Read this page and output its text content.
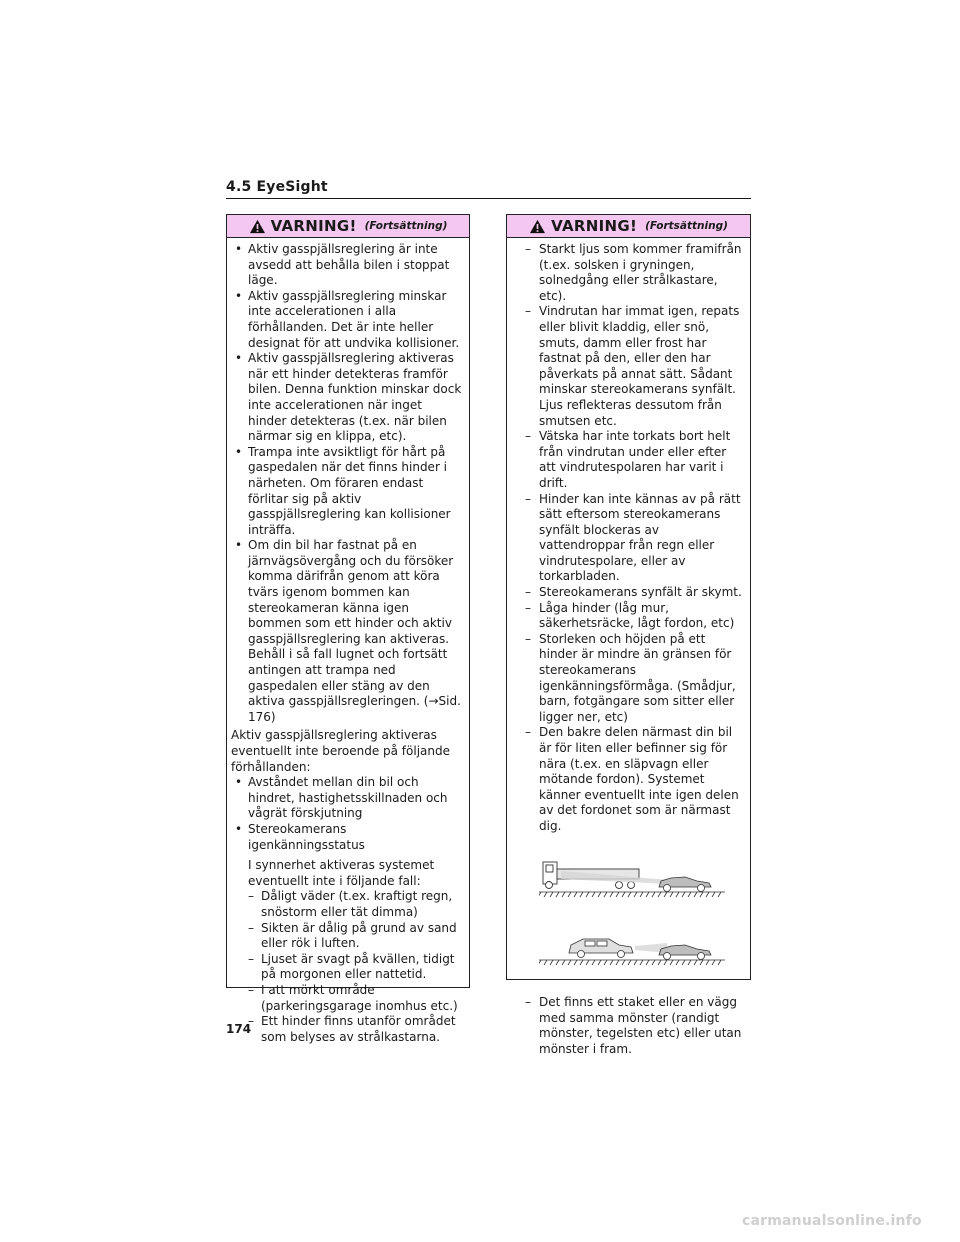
4.5 EyeSight
VARNING! (Fortsättning)
• Aktiv gasspjällsreglering är inte avsedd att behålla bilen i stoppat läge.
• Aktiv gasspjällsreglering minskar inte accelerationen i alla förhållanden. Det är inte heller designat för att undvika kollisioner.
• Aktiv gasspjällsreglering aktiveras när ett hinder detekteras framför bilen. Denna funktion minskar dock inte accelerationen när inget hinder detekteras (t.ex. när bilen närmar sig en klippa, etc).
• Trampa inte avsiktligt för hårt på gaspedalen när det finns hinder i närheten. Om föraren endast förlitar sig på aktiv gasspjällsreglering kan kollisioner inträffa.
• Om din bil har fastnat på en järnvägsövergång och du försöker komma därifrån genom att köra tvärs igenom bommen kan stereokameran känna igen bommen som ett hinder och aktiv gasspjällsreglering kan aktiveras. Behåll i så fall lugnet och fortsätt antingen att trampa ned gaspedalen eller stäng av den aktiva gasspjällsregleringen. (→Sid. 176)
Aktiv gasspjällsreglering aktiveras eventuellt inte beroende på följande förhållanden:
• Avståndet mellan din bil och hindret, hastighetsskillnaden och vågrät förskjutning
• Stereokamerans igenkänningsstatus
I synnerhet aktiveras systemet eventuellt inte i följande fall:
– Dåligt väder (t.ex. kraftigt regn, snöstorm eller tät dimma)
– Sikten är dålig på grund av sand eller rök i luften.
– Ljuset är svagt på kvällen, tidigt på morgonen eller nattetid.
– I att mörkt område (parkeringsgarage inomhus etc.)
– Ett hinder finns utanför området som belyses av strålkastarna.
VARNING! (Fortsättning)
– Starkt ljus som kommer framifrån (t.ex. solsken i gryningen, solnedgång eller strålkastare, etc).
– Vindrutan har immat igen, repats eller blivit kladdig, eller snö, smuts, damm eller frost har fastnat på den, eller den har påverkats på annat sätt. Sådant minskar stereokamerans synfält. Ljus reflekteras dessutom från smutsen etc.
– Vätska har inte torkats bort helt från vindrutan under eller efter att vindrutespolaren har varit i drift.
– Hinder kan inte kännas av på rätt sätt eftersom stereokamerans synfält blockeras av vattendroppar från regn eller vindrutespolare, eller av torkarbladen.
– Stereokamerans synfält är skymt.
– Låga hinder (låg mur, säkerhetsräcke, lågt fordon, etc)
– Storleken och höjden på ett hinder är mindre än gränsen för stereokamerans igenkänningsförmåga. (Smådjur, barn, fotgängare som sitter eller ligger ner, etc)
– Den bakre delen närmast din bil är för liten eller befinner sig för nära (t.ex. en släpvagn eller mötande fordon). Systemet känner eventuellt inte igen delen av det fordonet som är närmast dig.
– Det finns ett staket eller en vägg med samma mönster (randigt mönster, tegelsten etc) eller utan mönster i fram.
174
carmanualsonline.info
